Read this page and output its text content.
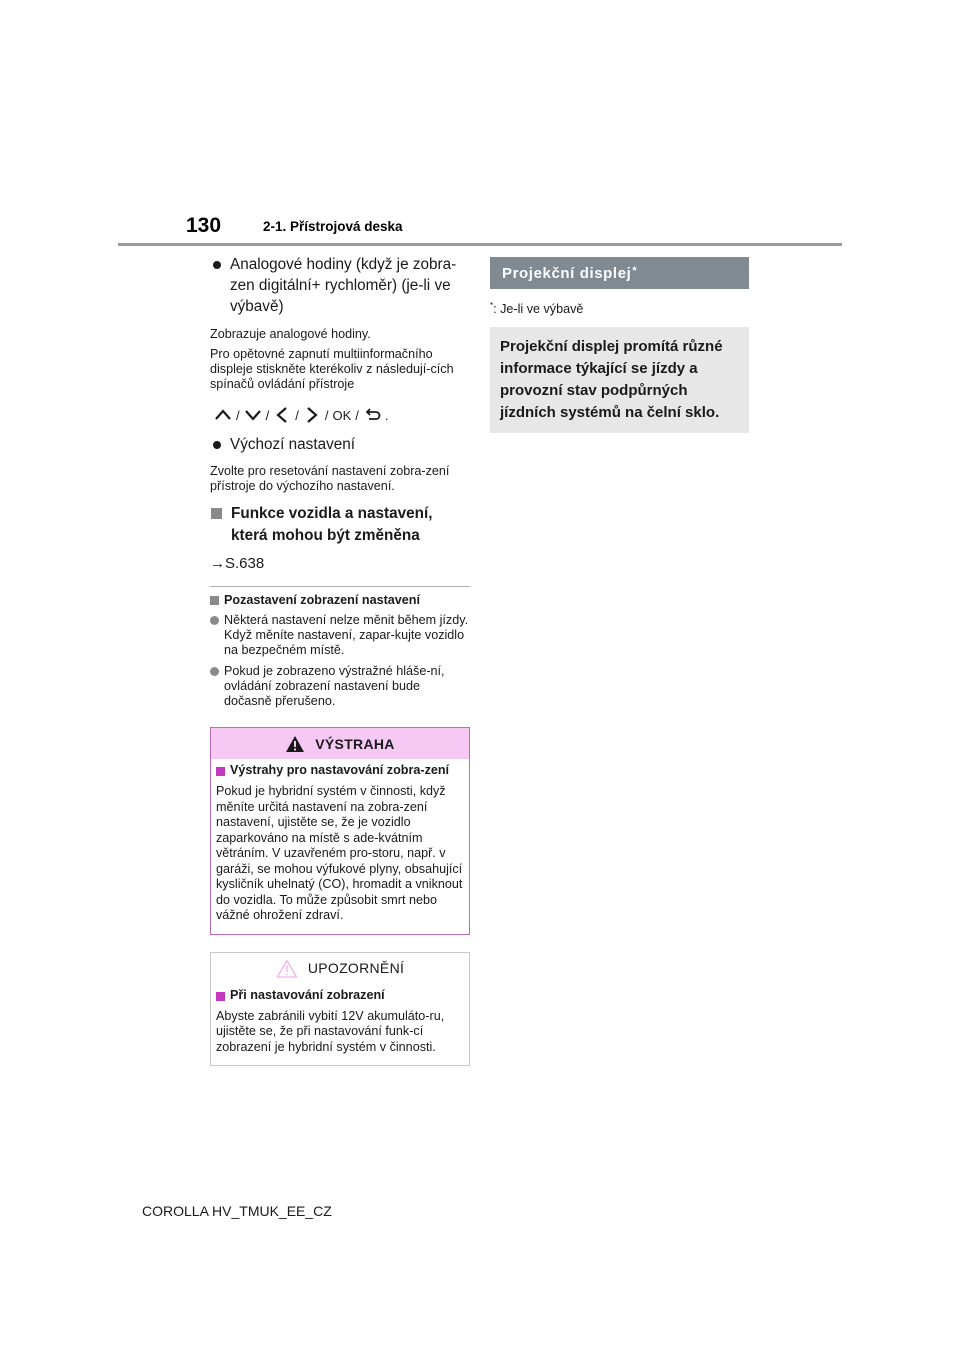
130	2-1. Přístrojová deska
Analogové hodiny (když je zobra-zen digitální+ rychloměr) (je-li ve výbavě)
Zobrazuje analogové hodiny.
Pro opětovné zapnutí multiinformačního displeje stiskněte kterékoliv z následují-cích spínačů ovládání přístroje
/ / / / OK / .
Výchozí nastavení
Zvolte pro resetování nastavení zobra-zení přístroje do výchozího nastavení.
Funkce vozidla a nastavení, která mohou být změněna
→S.638
Pozastavení zobrazení nastavení
Některá nastavení nelze měnit během jízdy. Když měníte nastavení, zapar-kujte vozidlo na bezpečném místě.
Pokud je zobrazeno výstražné hláše-ní, ovládání zobrazení nastavení bude dočasně přerušeno.
VÝSTRAHA
Výstrahy pro nastavování zobra-zení
Pokud je hybridní systém v činnosti, když měníte určitá nastavení na zobra-zení nastavení, ujistěte se, že je vozidlo zaparkováno na místě s ade-kvátním větráním. V uzavřeném pro-storu, např. v garáži, se mohou výfukové plyny, obsahující kysličník uhelnatý (CO), hromadit a vniknout do vozidla. To může způsobit smrt nebo vážné ohrožení zdraví.
UPOZORNĚNÍ
Při nastavování zobrazení
Abyste zabránili vybití 12V akumuláto-ru, ujistěte se, že při nastavování funk-cí zobrazení je hybridní systém v činnosti.
Projekční displej*
*: Je-li ve výbavě
Projekční displej promítá různé informace týkající se jízdy a provozní stav podpůrných jízdních systémů na čelní sklo.
COROLLA HV_TMUK_EE_CZ
